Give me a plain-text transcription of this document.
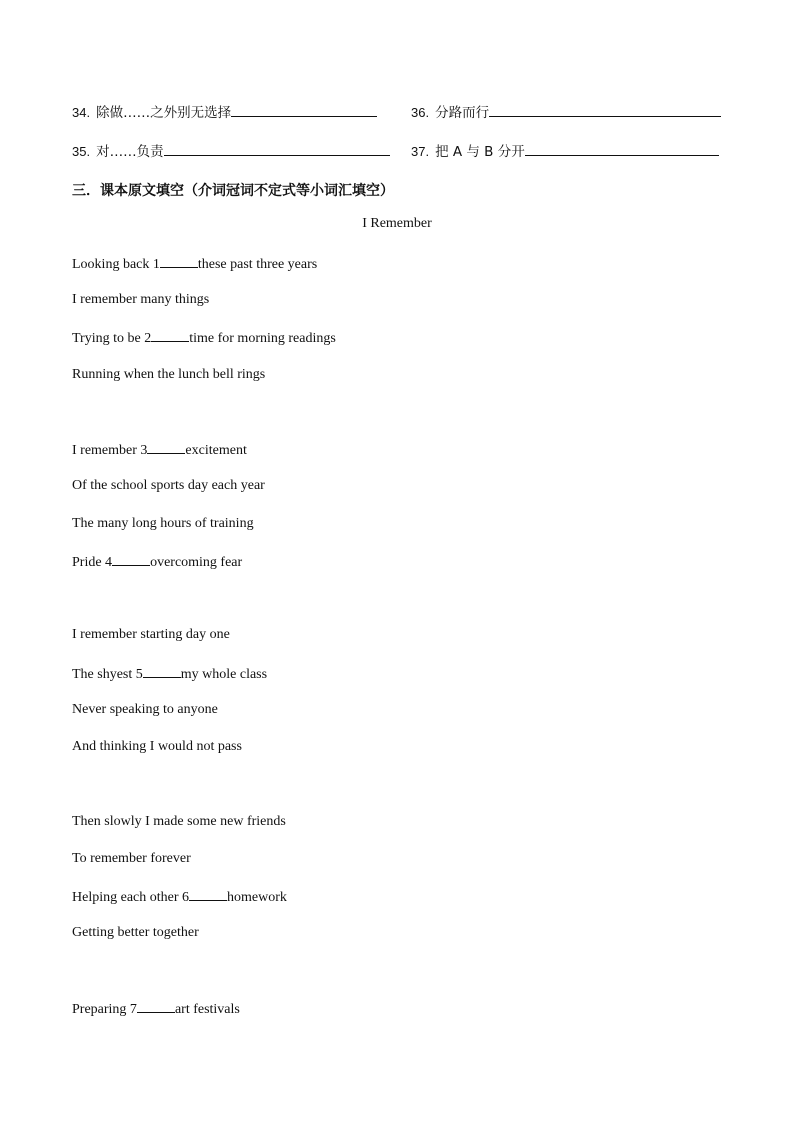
34. 除做……之外别无选择	36. 分路而行
35. 对……负责	37. 把 A 与 B 分开
三．课本原文填空（介词冠词不定式等小词汇填空）
I Remember
Looking back 1	these past three years
I remember many things
Trying to be 2	time for morning readings
Running when the lunch bell rings
I remember 3	excitement
Of the school sports day each year
The many long hours of training
Pride 4	overcoming fear
I remember starting day one
The shyest 5	my whole class
Never speaking to anyone
And thinking I would not pass
Then slowly I made some new friends
To remember forever
Helping each other 6	homework
Getting better together
Preparing 7	art festivals
